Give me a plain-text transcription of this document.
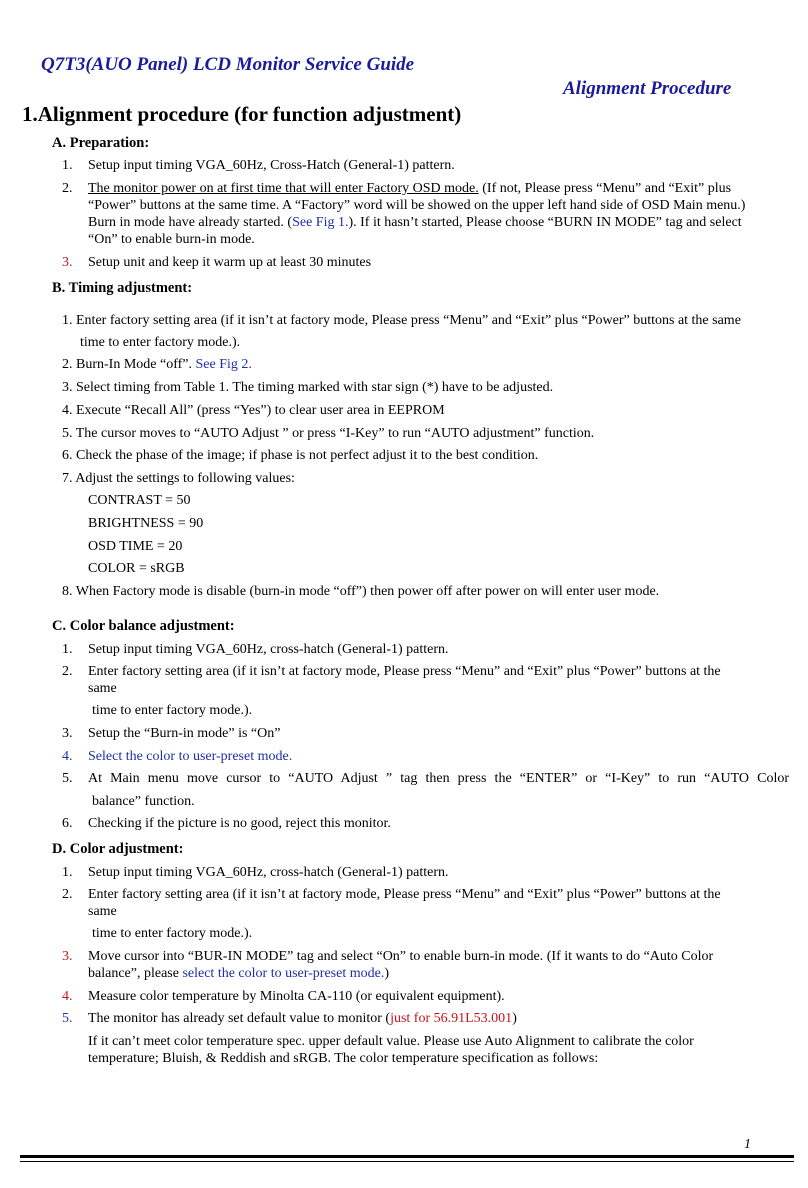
Q7T3(AUO Panel) LCD Monitor Service Guide
Alignment Procedure
1.Alignment procedure (for function adjustment)
A. Preparation:
1. Setup input timing VGA_60Hz, Cross-Hatch (General-1) pattern.
2. The monitor power on at first time that will enter Factory OSD mode. (If not, Please press “Menu” and “Exit” plus
“Power” buttons at the same time. A “Factory” word will be showed on the upper left hand side of OSD Main menu.)
Burn in mode have already started. (See Fig 1.). If it hasn’t started, Please choose “BURN IN MODE” tag and select
“On” to enable burn-in mode.
3. Setup unit and keep it warm up at least 30 minutes
B. Timing adjustment:
1. Enter factory setting area (if it isn’t at factory mode, Please press “Menu” and “Exit” plus “Power” buttons at the same
time to enter factory mode.).
2. Burn-In Mode “off”. See Fig 2.
3. Select timing from Table 1. The timing marked with star sign (*) have to be adjusted.
4. Execute “Recall All” (press “Yes”) to clear user area in EEPROM
5. The cursor moves to “AUTO Adjust ” or press “I-Key” to run “AUTO adjustment” function.
6. Check the phase of the image; if phase is not perfect adjust it to the best condition.
7. Adjust the settings to following values:
CONTRAST = 50
BRIGHTNESS = 90
OSD TIME = 20
COLOR = sRGB
8. When Factory mode is disable (burn-in mode “off”) then power off after power on will enter user mode.
C. Color balance adjustment:
1. Setup input timing VGA_60Hz, cross-hatch (General-1) pattern.
2. Enter factory setting area (if it isn’t at factory mode, Please press “Menu” and “Exit” plus “Power” buttons at the
same
time to enter factory mode.).
3. Setup the “Burn-in mode” is “On”
4. Select the color to user-preset mode.
5. At Main menu move cursor to “AUTO Adjust ” tag then press the “ENTER” or “I-Key” to run “AUTO Color
balance” function.
6. Checking if the picture is no good, reject this monitor.
D. Color adjustment:
1. Setup input timing VGA_60Hz, cross-hatch (General-1) pattern.
2. Enter factory setting area (if it isn’t at factory mode, Please press “Menu” and “Exit” plus “Power” buttons at the
same
time to enter factory mode.).
3. Move cursor into “BUR-IN MODE” tag and select “On” to enable burn-in mode. (If it wants to do “Auto Color
balance”, please select the color to user-preset mode.)
4. Measure color temperature by Minolta CA-110 (or equivalent equipment).
5. The monitor has already set default value to monitor (just for 56.91L53.001)
If it can’t meet color temperature spec. upper default value. Please use Auto Alignment to calibrate the color
temperature; Bluish, & Reddish and sRGB. The color temperature specification as follows:
1
